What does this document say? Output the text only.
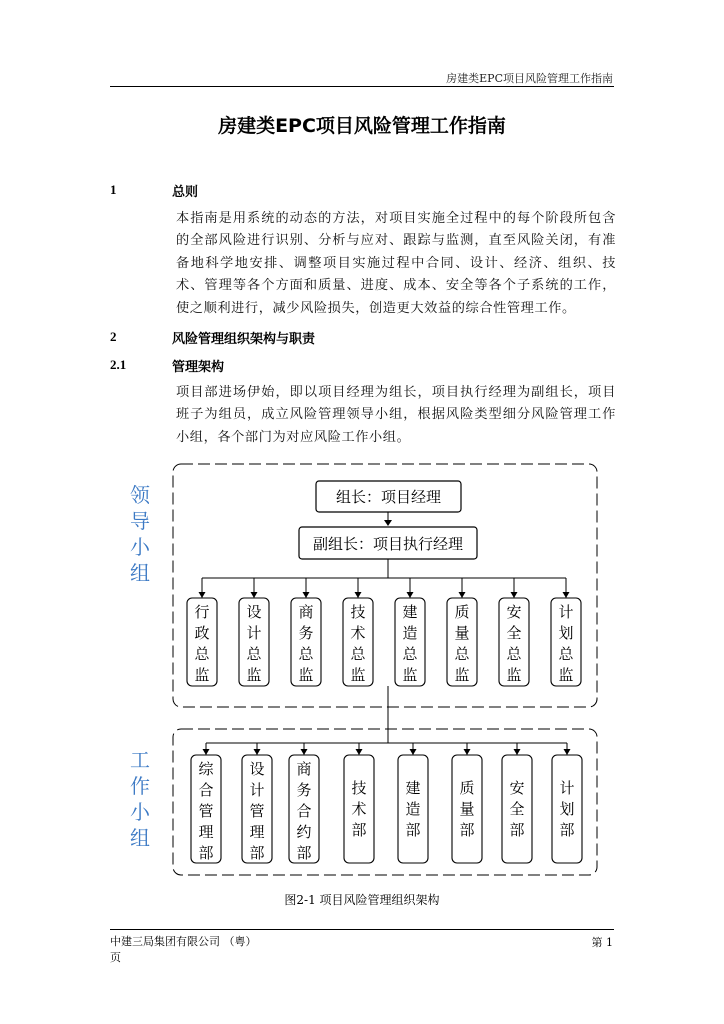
房建类EPC项目风险管理工作指南
房建类EPC项目风险管理工作指南
1	总则
本指南是用系统的动态的方法，对项目实施全过程中的每个阶段所包含的全部风险进行识别、分析与应对、跟踪与监测，直至风险关闭，有准备地科学地安排、调整项目实施过程中合同、设计、经济、组织、技术、管理等各个方面和质量、进度、成本、安全等各个子系统的工作，使之顺利进行，减少风险损失，创造更大效益的综合性管理工作。
2	风险管理组织架构与职责
2.1	管理架构
项目部进场伊始，即以项目经理为组长，项目执行经理为副组长，项目班子为组员，成立风险管理领导小组，根据风险类型细分风险管理工作小组，各个部门为对应风险工作小组。
领
导
小
组
工
作
小
组
组长：项目经理
副组长：项目执行经理
行
政
总
监
设
计
总
监
商
务
总
监
技
术
总
监
建
造
总
监
质
量
总
监
安
全
总
监
计
划
总
监
综
合
管
理
部
设
计
管
理
部
商
务
合
约
部
技
术
部
建
造
部
质
量
部
安
全
部
计
划
部
图2-1 项目风险管理组织架构
中建三局集团有限公司 （粤）
页
第 1
